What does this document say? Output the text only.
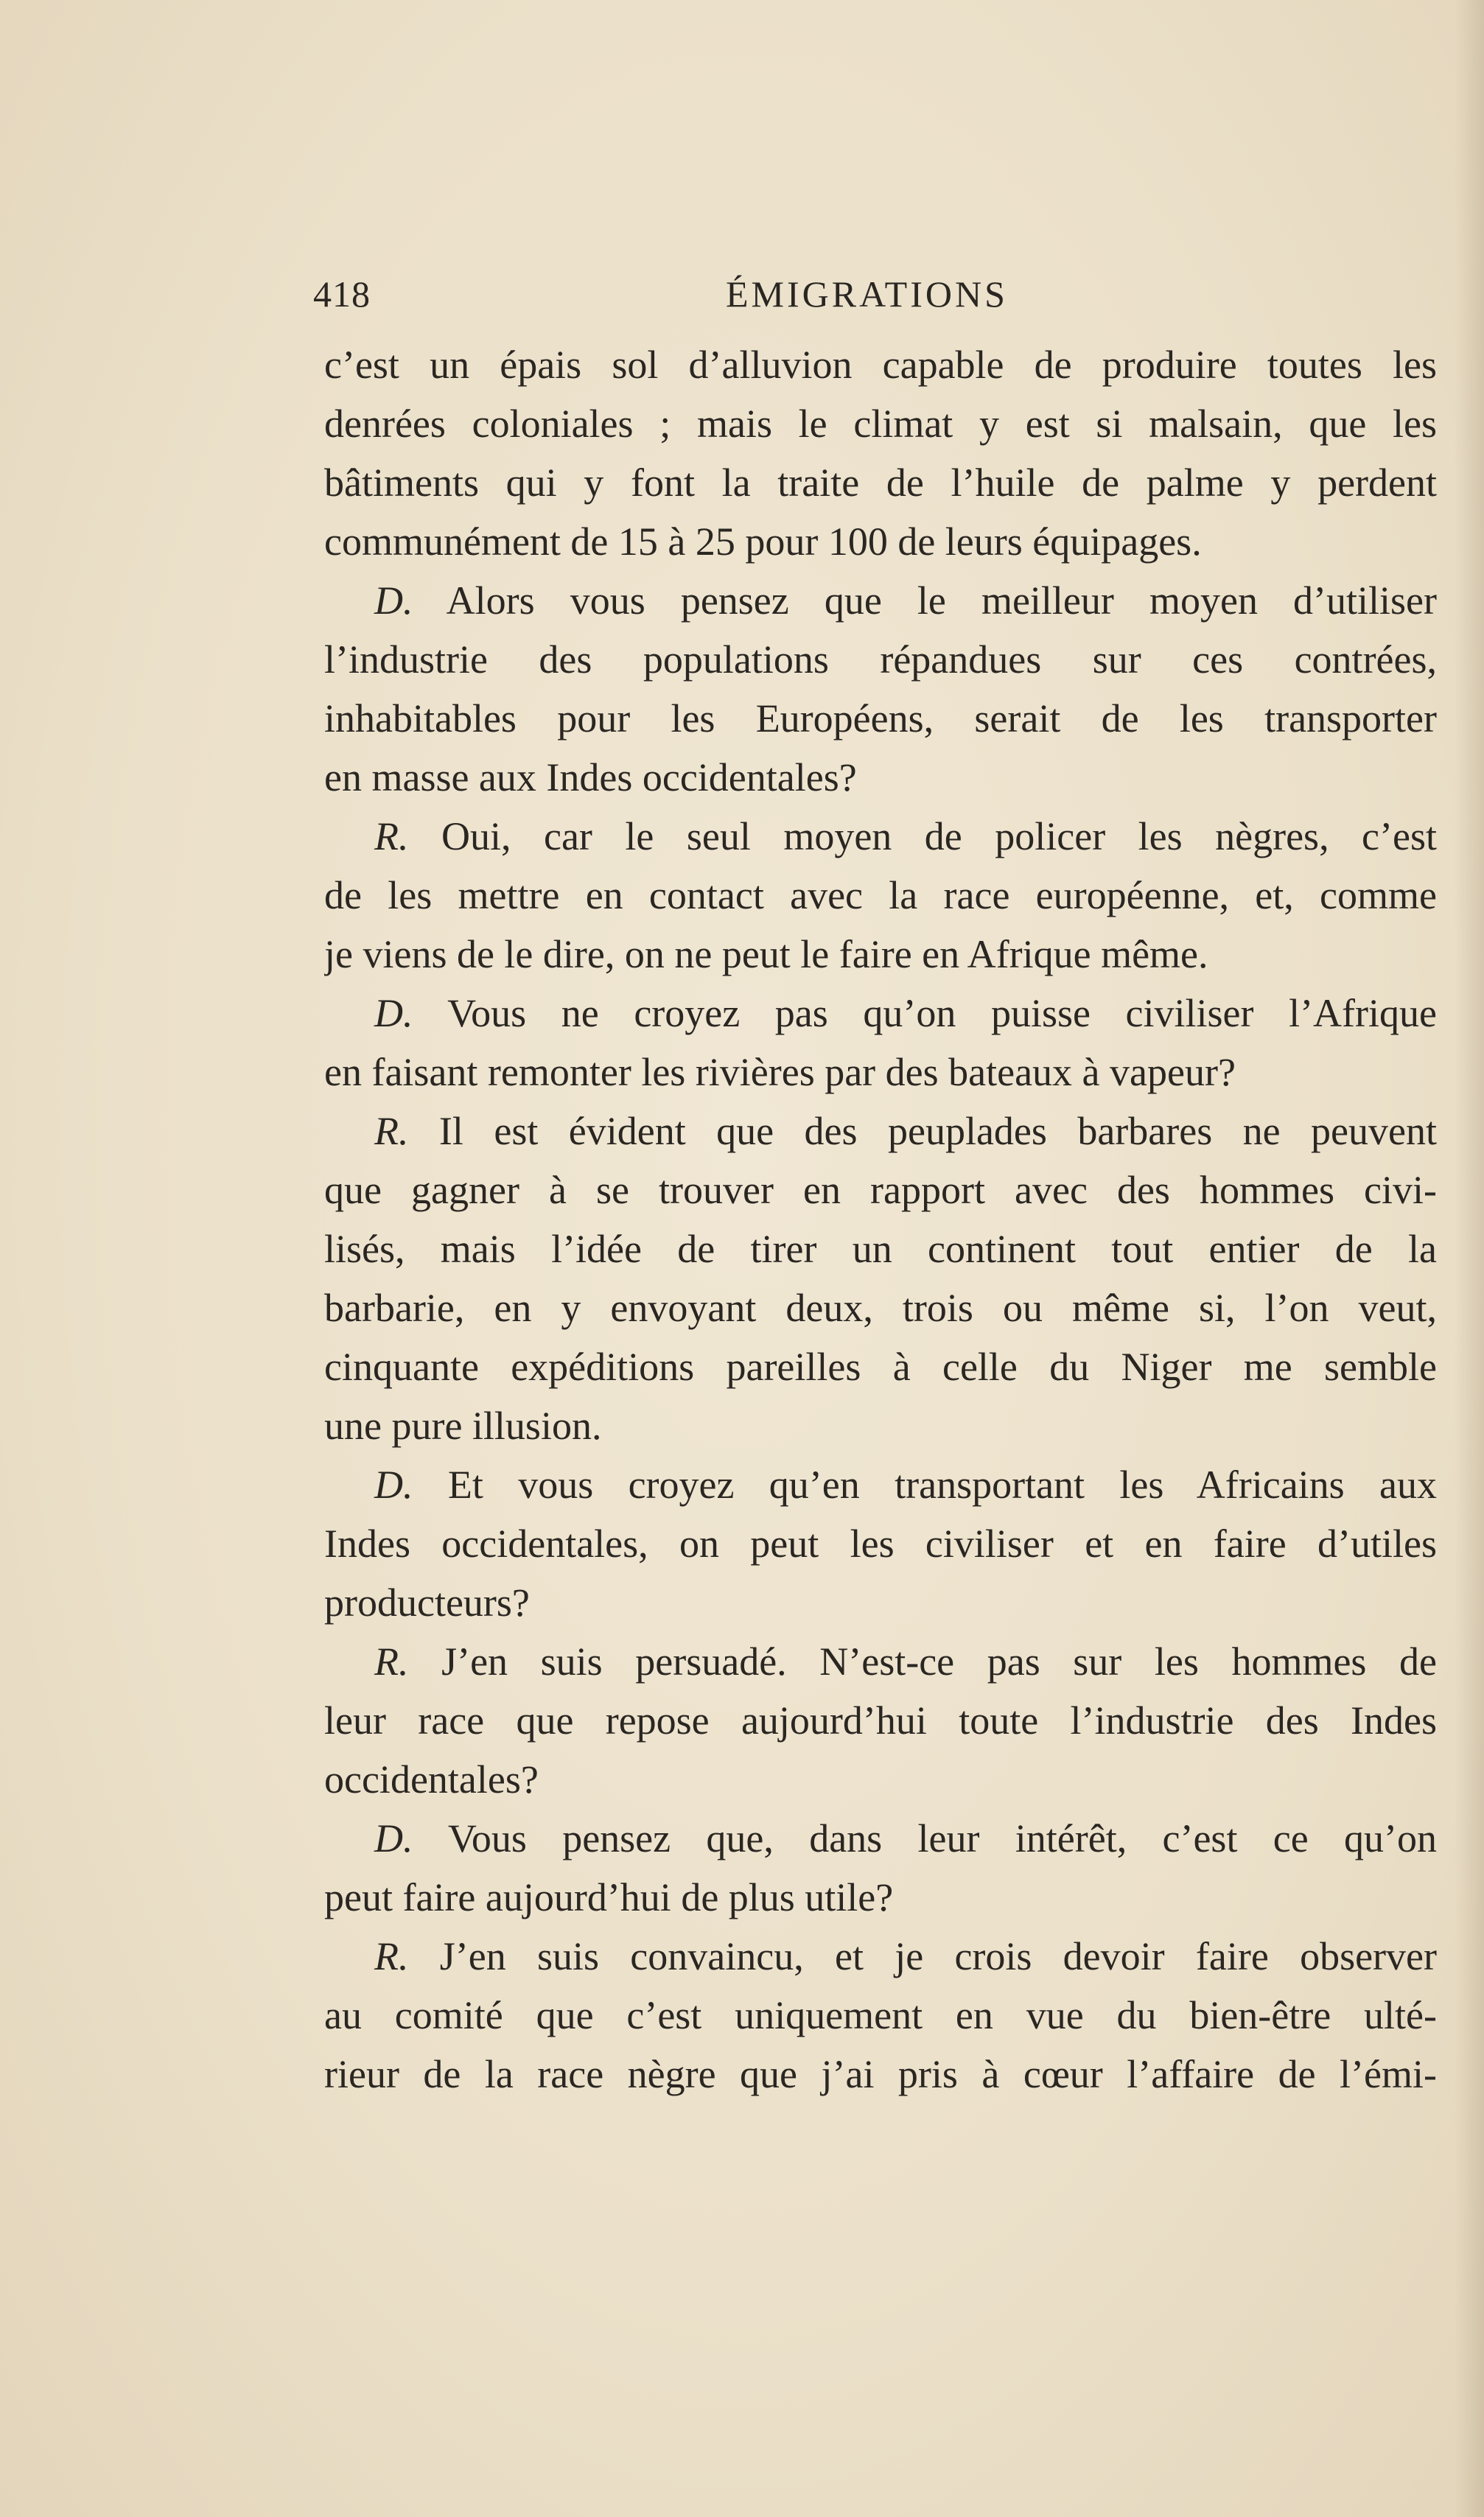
418	ÉMIGRATIONS
c’est un épais sol d’alluvion capable de produire toutes les
denrées coloniales ; mais le climat y est si malsain, que les
bâtiments qui y font la traite de l’huile de palme y perdent
communément de 15 à 25 pour 100 de leurs équipages.
D. Alors vous pensez que le meilleur moyen d’utiliser
l’industrie des populations répandues sur ces contrées,
inhabitables pour les Européens, serait de les transporter
en masse aux Indes occidentales?
R. Oui, car le seul moyen de policer les nègres, c’est
de les mettre en contact avec la race européenne, et, comme
je viens de le dire, on ne peut le faire en Afrique même.
D. Vous ne croyez pas qu’on puisse civiliser l’Afrique
en faisant remonter les rivières par des bateaux à vapeur?
R. Il est évident que des peuplades barbares ne peuvent
que gagner à se trouver en rapport avec des hommes civi-
lisés, mais l’idée de tirer un continent tout entier de la
barbarie, en y envoyant deux, trois ou même si, l’on veut,
cinquante expéditions pareilles à celle du Niger me semble
une pure illusion.
D. Et vous croyez qu’en transportant les Africains aux
Indes occidentales, on peut les civiliser et en faire d’utiles
producteurs?
R. J’en suis persuadé. N’est-ce pas sur les hommes de
leur race que repose aujourd’hui toute l’industrie des Indes
occidentales?
D. Vous pensez que, dans leur intérêt, c’est ce qu’on
peut faire aujourd’hui de plus utile?
R. J’en suis convaincu, et je crois devoir faire observer
au comité que c’est uniquement en vue du bien-être ulté-
rieur de la race nègre que j’ai pris à cœur l’affaire de l’émi-
